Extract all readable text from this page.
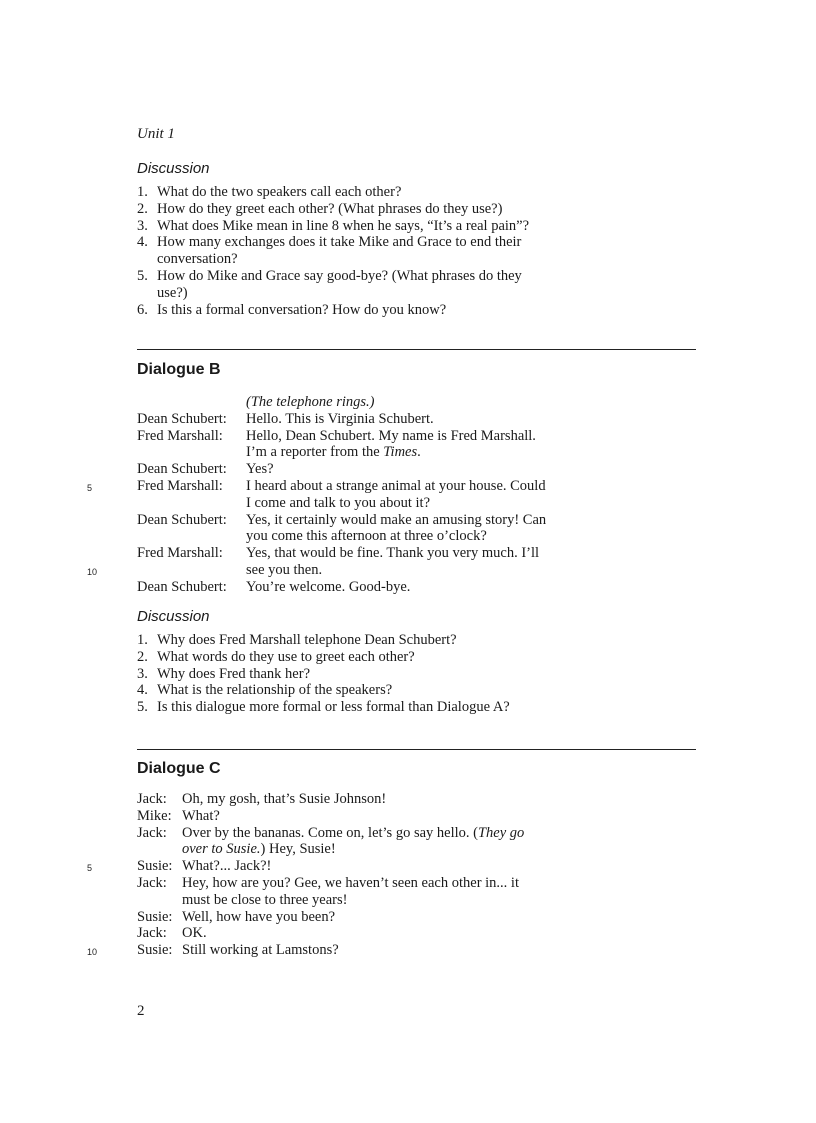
Unit 1
Discussion
1. What do the two speakers call each other?
2. How do they greet each other? (What phrases do they use?)
3. What does Mike mean in line 8 when he says, “It’s a real pain”?
4. How many exchanges does it take Mike and Grace to end their
conversation?
5. How do Mike and Grace say good-bye? (What phrases do they
use?)
6. Is this a formal conversation? How do you know?
Dialogue B
(The telephone rings.)
Dean Schubert:	Hello. This is Virginia Schubert.
Fred Marshall:	Hello, Dean Schubert. My name is Fred Marshall.
I’m a reporter from the Times.
Dean Schubert:	Yes?
Fred Marshall:	I heard about a strange animal at your house. Could
5
I come and talk to you about it?
Dean Schubert:	Yes, it certainly would make an amusing story! Can
you come this afternoon at three o’clock?
Fred Marshall:	Yes, that would be fine. Thank you very much. I’ll
see you then.
10
Dean Schubert:	You’re welcome. Good-bye.
Discussion
1. Why does Fred Marshall telephone Dean Schubert?
2. What words do they use to greet each other?
3. Why does Fred thank her?
4. What is the relationship of the speakers?
5. Is this dialogue more formal or less formal than Dialogue A?
Dialogue C
Jack:	Oh, my gosh, that’s Susie Johnson!
Mike: What?
Jack:	Over by the bananas. Come on, let’s go say hello. (They go
over to Susie.) Hey, Susie!
Susie: What?... Jack?!
5
Jack:	Hey, how are you? Gee, we haven’t seen each other in... it
must be close to three years!
Susie: Well, how have you been?
Jack:	OK.
Susie: Still working at Lamstons?
10
2
